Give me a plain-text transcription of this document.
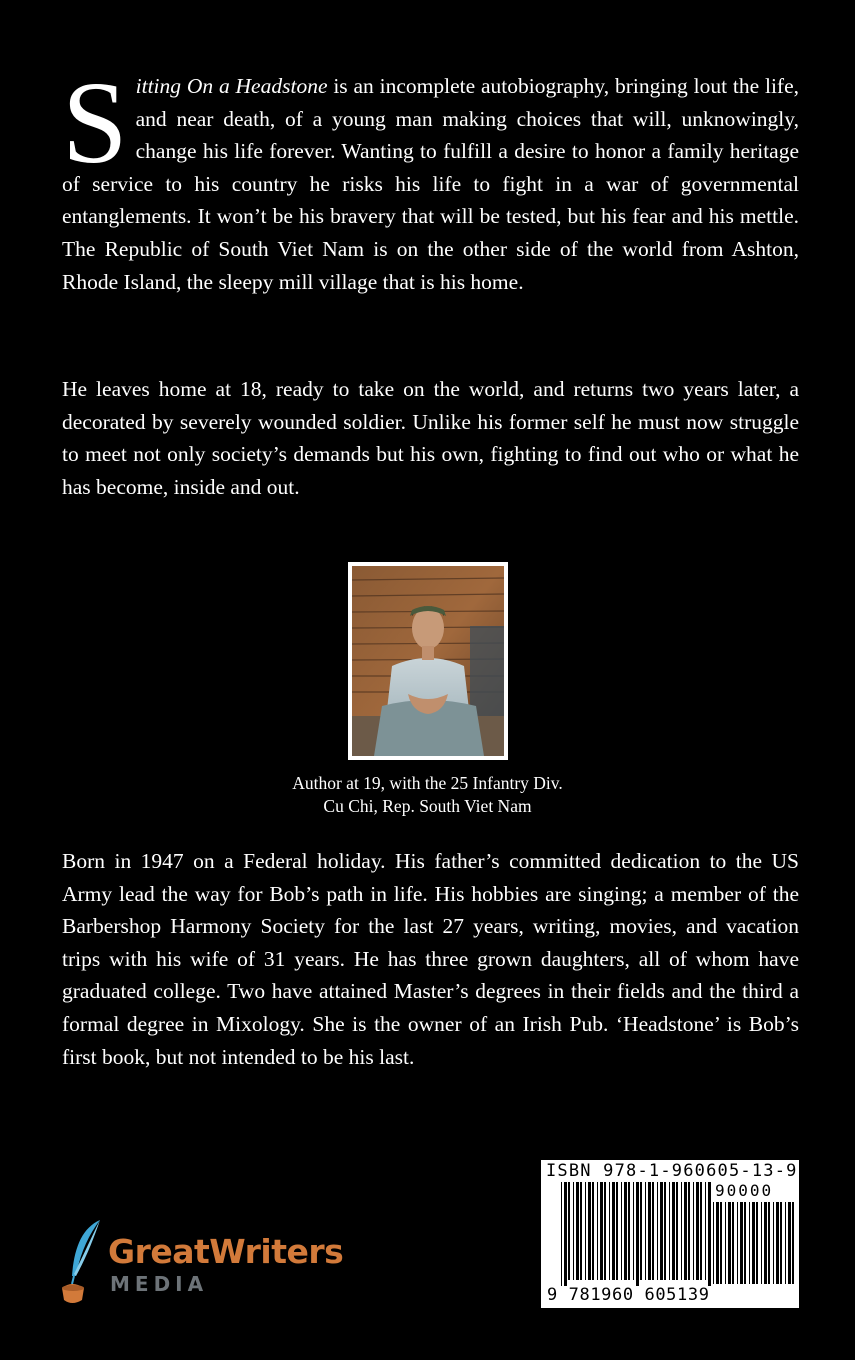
Sitting On a Headstone is an incomplete autobiography, bringing lout the life, and near death, of a young man making choices that will, unknowingly, change his life forever. Wanting to fulfill a desire to honor a family heritage of service to his country he risks his life to fight in a war of governmental entanglements. It won’t be his bravery that will be tested, but his fear and his mettle. The Republic of South Viet Nam is on the other side of the world from Ashton, Rhode Island, the sleepy mill village that is his home.

He leaves home at 18, ready to take on the world, and returns two years later, a decorated by severely wounded soldier. Unlike his former self he must now struggle to meet not only society’s demands but his own, fighting to find out who or what he has become, inside and out.

Author at 19, with the 25 Infantry Div.
Cu Chi, Rep. South Viet Nam

Born in 1947 on a Federal holiday. His father’s committed dedication to the US Army lead the way for Bob’s path in life. His hobbies are singing; a member of the Barbershop Harmony Society for the last 27 years, writing, movies, and vacation trips with his wife of 31 years. He has three grown daughters, all of whom have graduated college. Two have attained Master’s degrees in their fields and the third a formal degree in Mixology. She is the owner of an Irish Pub. ‘Headstone’ is Bob’s first book, but not intended to be his last.

GreatWriters
MEDIA
ISBN 978-1-960605-13-9
90000
9 781960 605139
